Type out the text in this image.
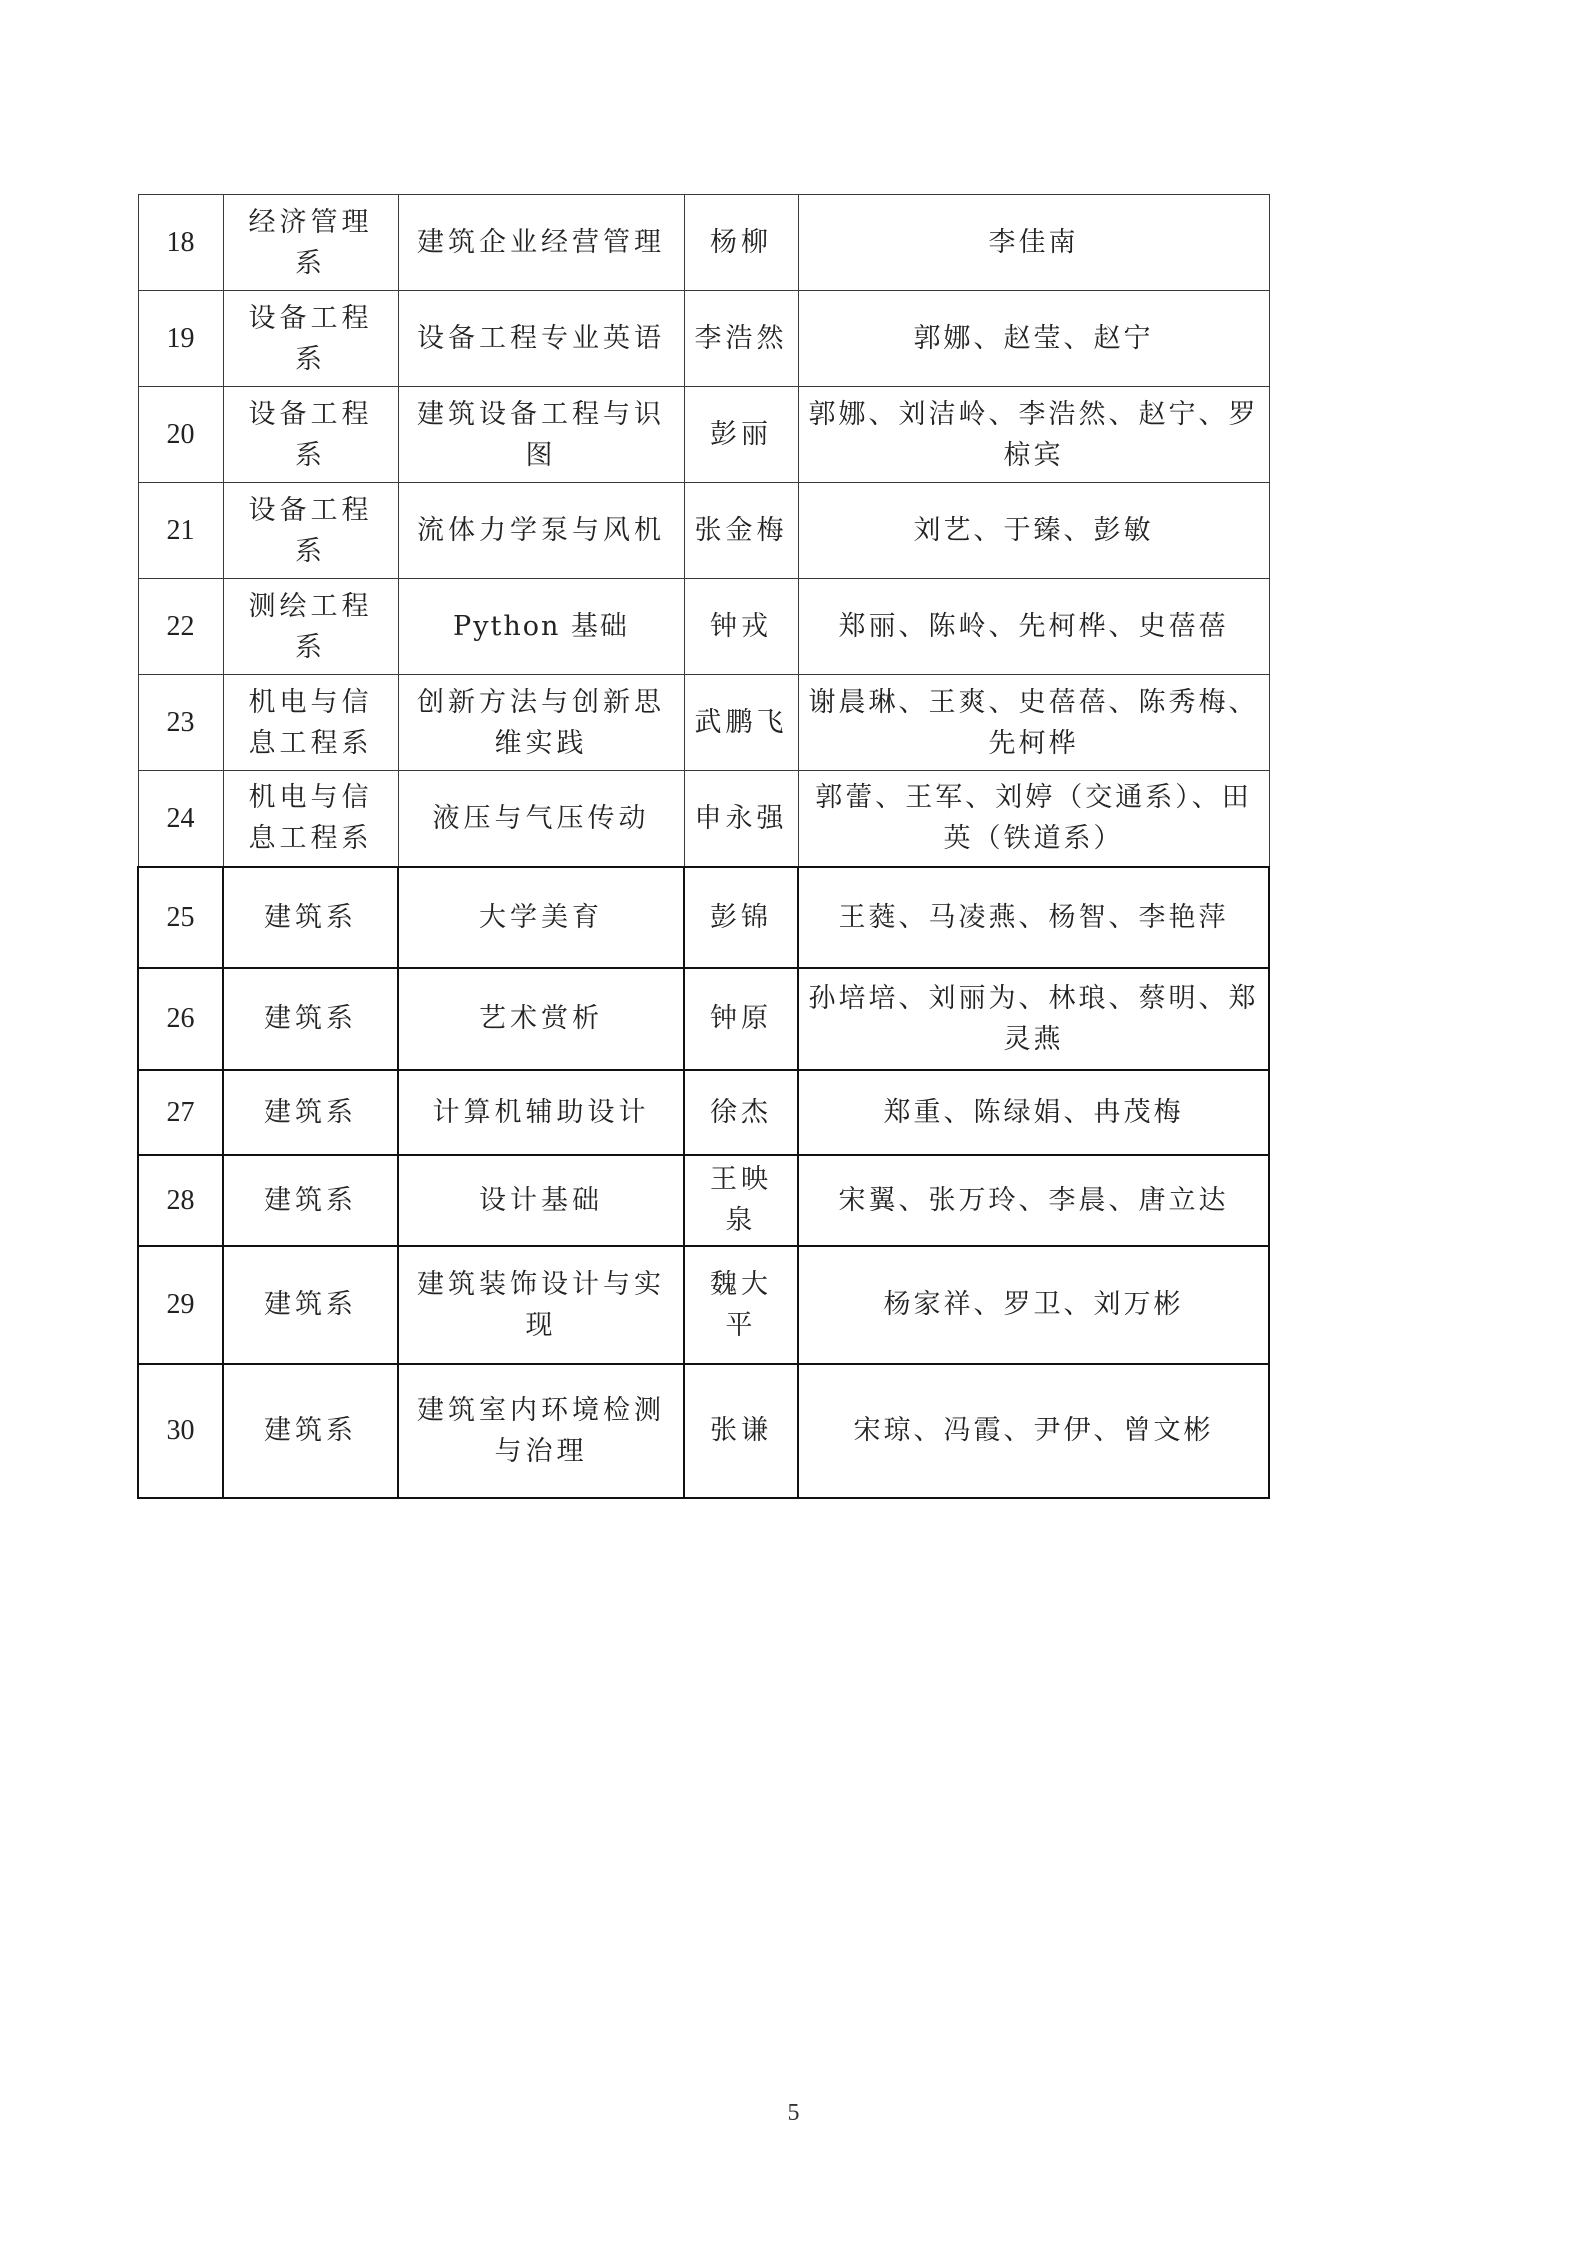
18	经济管理系	建筑企业经营管理	杨柳	李佳南
19	设备工程系	设备工程专业英语	李浩然	郭娜、赵莹、赵宁
20	设备工程系	建筑设备工程与识图	彭丽	郭娜、刘洁岭、李浩然、赵宁、罗椋宾
21	设备工程系	流体力学泵与风机	张金梅	刘艺、于臻、彭敏
22	测绘工程系	Python 基础	钟戎	郑丽、陈岭、先柯桦、史蓓蓓
23	机电与信息工程系	创新方法与创新思维实践	武鹏飞	谢晨琳、王爽、史蓓蓓、陈秀梅、先柯桦
24	机电与信息工程系	液压与气压传动	申永强	郭蕾、王军、刘婷（交通系）、田英（铁道系）
25	建筑系	大学美育	彭锦	王蕤、马凌燕、杨智、李艳萍
26	建筑系	艺术赏析	钟原	孙培培、刘丽为、林琅、蔡明、郑灵燕
27	建筑系	计算机辅助设计	徐杰	郑重、陈绿娟、冉茂梅
28	建筑系	设计基础	王映泉	宋翼、张万玲、李晨、唐立达
29	建筑系	建筑装饰设计与实现	魏大平	杨家祥、罗卫、刘万彬
30	建筑系	建筑室内环境检测与治理	张谦	宋琼、冯霞、尹伊、曾文彬
5
